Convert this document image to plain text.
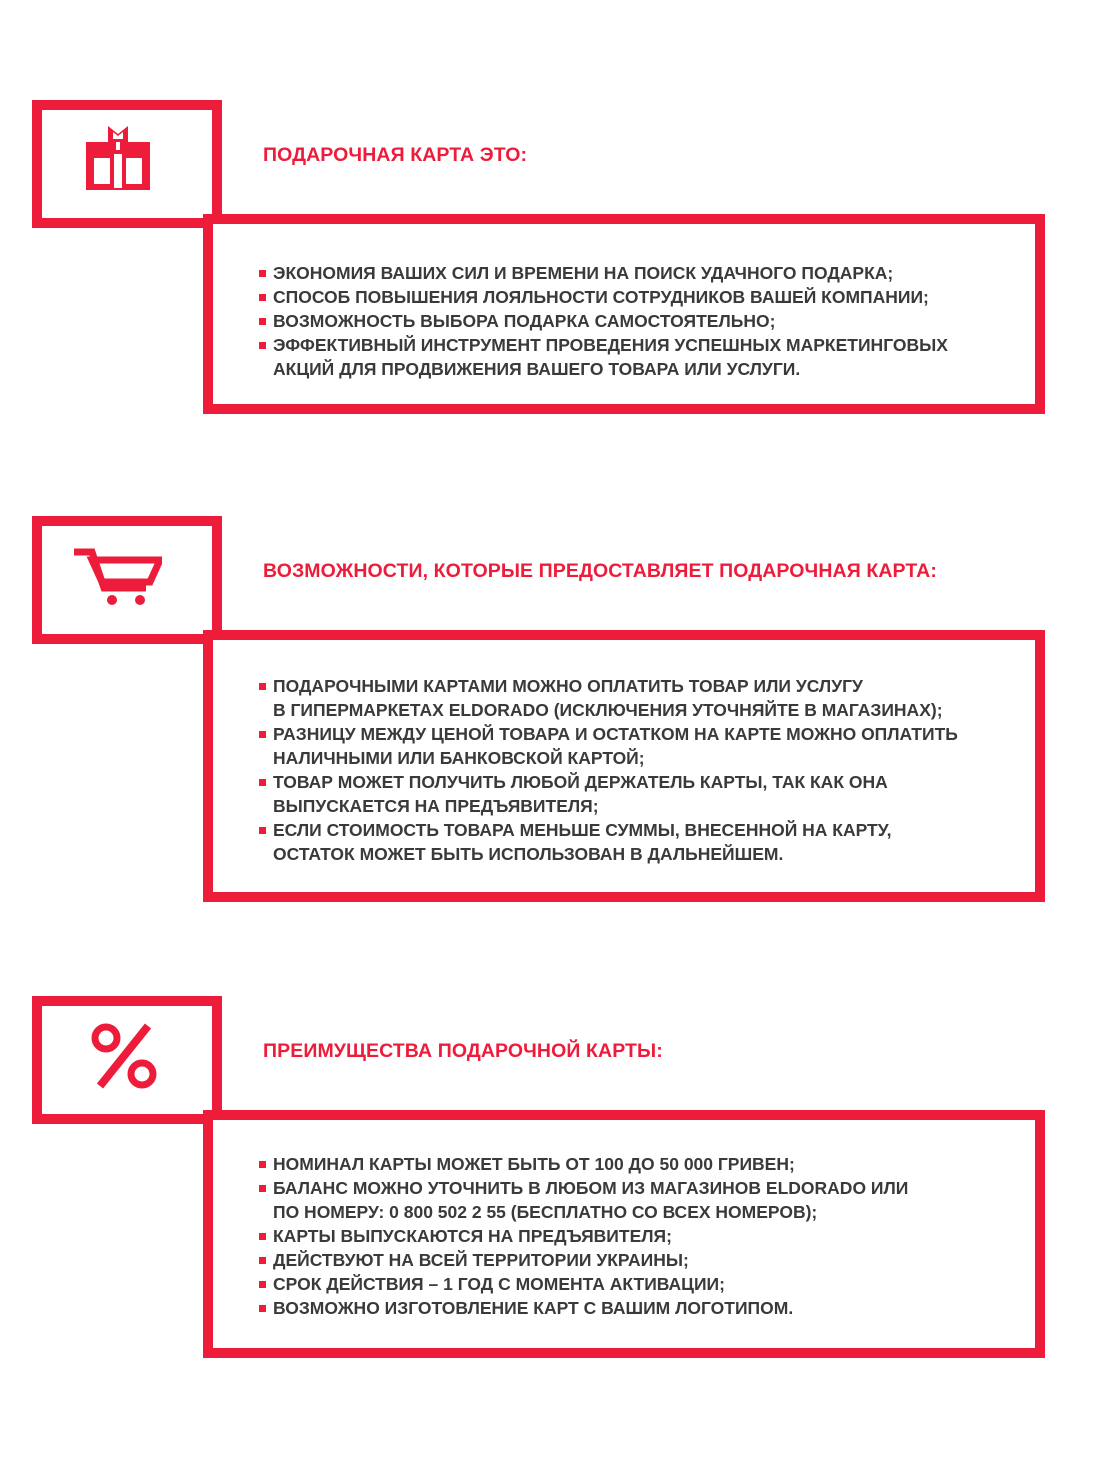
ПОДАРОЧНАЯ КАРТА ЭТО:
ЭКОНОМИЯ ВАШИХ СИЛ И ВРЕМЕНИ НА ПОИСК УДАЧНОГО ПОДАРКА;
СПОСОБ ПОВЫШЕНИЯ ЛОЯЛЬНОСТИ СОТРУДНИКОВ ВАШЕЙ КОМПАНИИ;
ВОЗМОЖНОСТЬ ВЫБОРА ПОДАРКА САМОСТОЯТЕЛЬНО;
ЭФФЕКТИВНЫЙ ИНСТРУМЕНТ ПРОВЕДЕНИЯ УСПЕШНЫХ МАРКЕТИНГОВЫХ
АКЦИЙ ДЛЯ ПРОДВИЖЕНИЯ ВАШЕГО ТОВАРА ИЛИ УСЛУГИ.
ВОЗМОЖНОСТИ, КОТОРЫЕ ПРЕДОСТАВЛЯЕТ ПОДАРОЧНАЯ КАРТА:
ПОДАРОЧНЫМИ КАРТАМИ МОЖНО ОПЛАТИТЬ ТОВАР ИЛИ УСЛУГУ
В ГИПЕРМАРКЕТАХ ELDORADO (ИСКЛЮЧЕНИЯ УТОЧНЯЙТЕ В МАГАЗИНАХ);
РАЗНИЦУ МЕЖДУ ЦЕНОЙ ТОВАРА И ОСТАТКОМ НА КАРТЕ МОЖНО ОПЛАТИТЬ
НАЛИЧНЫМИ ИЛИ БАНКОВСКОЙ КАРТОЙ;
ТОВАР МОЖЕТ ПОЛУЧИТЬ ЛЮБОЙ ДЕРЖАТЕЛЬ КАРТЫ, ТАК КАК ОНА
ВЫПУСКАЕТСЯ НА ПРЕДЪЯВИТЕЛЯ;
ЕСЛИ СТОИМОСТЬ ТОВАРА МЕНЬШЕ СУММЫ, ВНЕСЕННОЙ НА КАРТУ,
ОСТАТОК МОЖЕТ БЫТЬ ИСПОЛЬЗОВАН В ДАЛЬНЕЙШЕМ.
ПРЕИМУЩЕСТВА ПОДАРОЧНОЙ КАРТЫ:
НОМИНАЛ КАРТЫ МОЖЕТ БЫТЬ ОТ 100 ДО 50 000 ГРИВЕН;
БАЛАНС МОЖНО УТОЧНИТЬ В ЛЮБОМ ИЗ МАГАЗИНОВ ELDORADO ИЛИ
ПО НОМЕРУ: 0 800 502 2 55 (БЕСПЛАТНО СО ВСЕХ НОМЕРОВ);
КАРТЫ ВЫПУСКАЮТСЯ НА ПРЕДЪЯВИТЕЛЯ;
ДЕЙСТВУЮТ НА ВСЕЙ ТЕРРИТОРИИ УКРАИНЫ;
СРОК ДЕЙСТВИЯ – 1 ГОД С МОМЕНТА АКТИВАЦИИ;
ВОЗМОЖНО ИЗГОТОВЛЕНИЕ КАРТ С ВАШИМ ЛОГОТИПОМ.
